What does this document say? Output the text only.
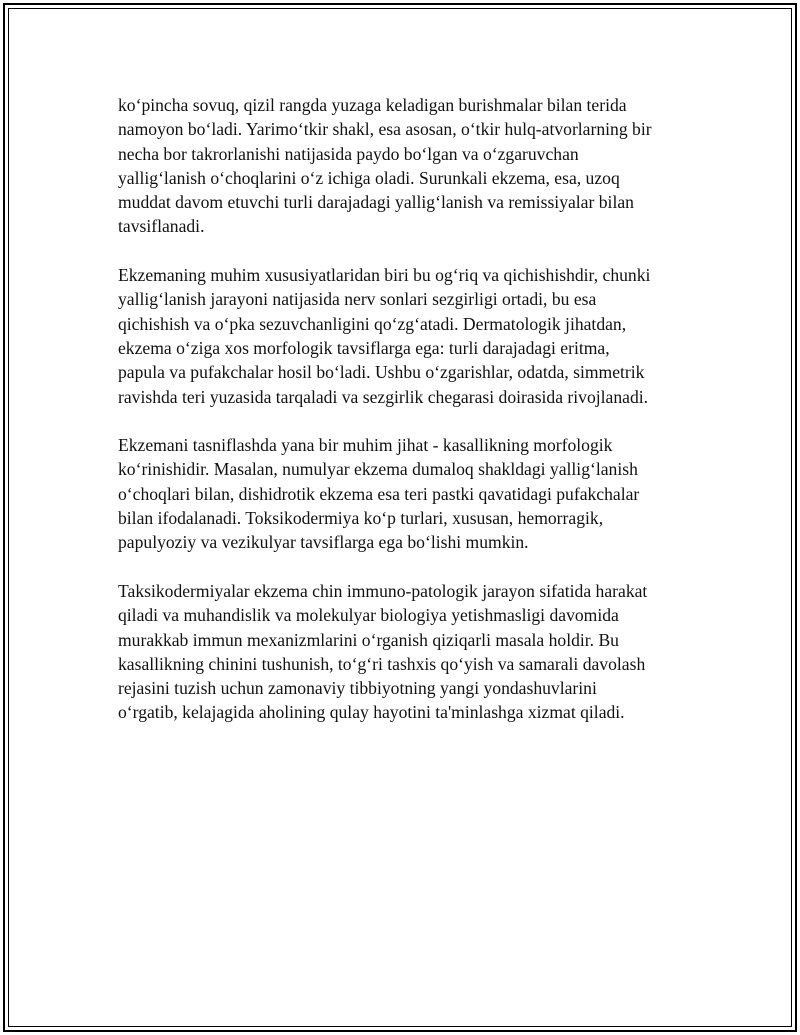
ko‘pincha sovuq, qizil rangda yuzaga keladigan burishmalar bilan terida
namoyon bo‘ladi. Yarimo‘tkir shakl, esa asosan, o‘tkir hulq-atvorlarning bir
necha bor takrorlanishi natijasida paydo bo‘lgan va o‘zgaruvchan
yallig‘lanish o‘choqlarini o‘z ichiga oladi. Surunkali ekzema, esa, uzoq
muddat davom etuvchi turli darajadagi yallig‘lanish va remissiyalar bilan
tavsiflanadi.

Ekzemaning muhim xususiyatlaridan biri bu og‘riq va qichishishdir, chunki
yallig‘lanish jarayoni natijasida nerv sonlari sezgirligi ortadi, bu esa
qichishish va o‘pka sezuvchanligini qo‘zg‘atadi. Dermatologik jihatdan,
ekzema o‘ziga xos morfologik tavsiflarga ega: turli darajadagi eritma,
papula va pufakchalar hosil bo‘ladi. Ushbu o‘zgarishlar, odatda, simmetrik
ravishda teri yuzasida tarqaladi va sezgirlik chegarasi doirasida rivojlanadi.

Ekzemani tasniflashda yana bir muhim jihat - kasallikning morfologik
ko‘rinishidir. Masalan, numulyar ekzema dumaloq shakldagi yallig‘lanish
o‘choqlari bilan, dishidrotik ekzema esa teri pastki qavatidagi pufakchalar
bilan ifodalanadi. Toksikodermiya ko‘p turlari, xususan, hemorragik,
papulyoziy va vezikulyar tavsiflarga ega bo‘lishi mumkin.

Taksikodermiyalar ekzema chin immuno-patologik jarayon sifatida harakat
qiladi va muhandislik va molekulyar biologiya yetishmasligi davomida
murakkab immun mexanizmlarini o‘rganish qiziqarli masala holdir. Bu
kasallikning chinini tushunish, to‘g‘ri tashxis qo‘yish va samarali davolash
rejasini tuzish uchun zamonaviy tibbiyotning yangi yondashuvlarini
o‘rgatib, kelajagida aholining qulay hayotini ta'minlashga xizmat qiladi.
